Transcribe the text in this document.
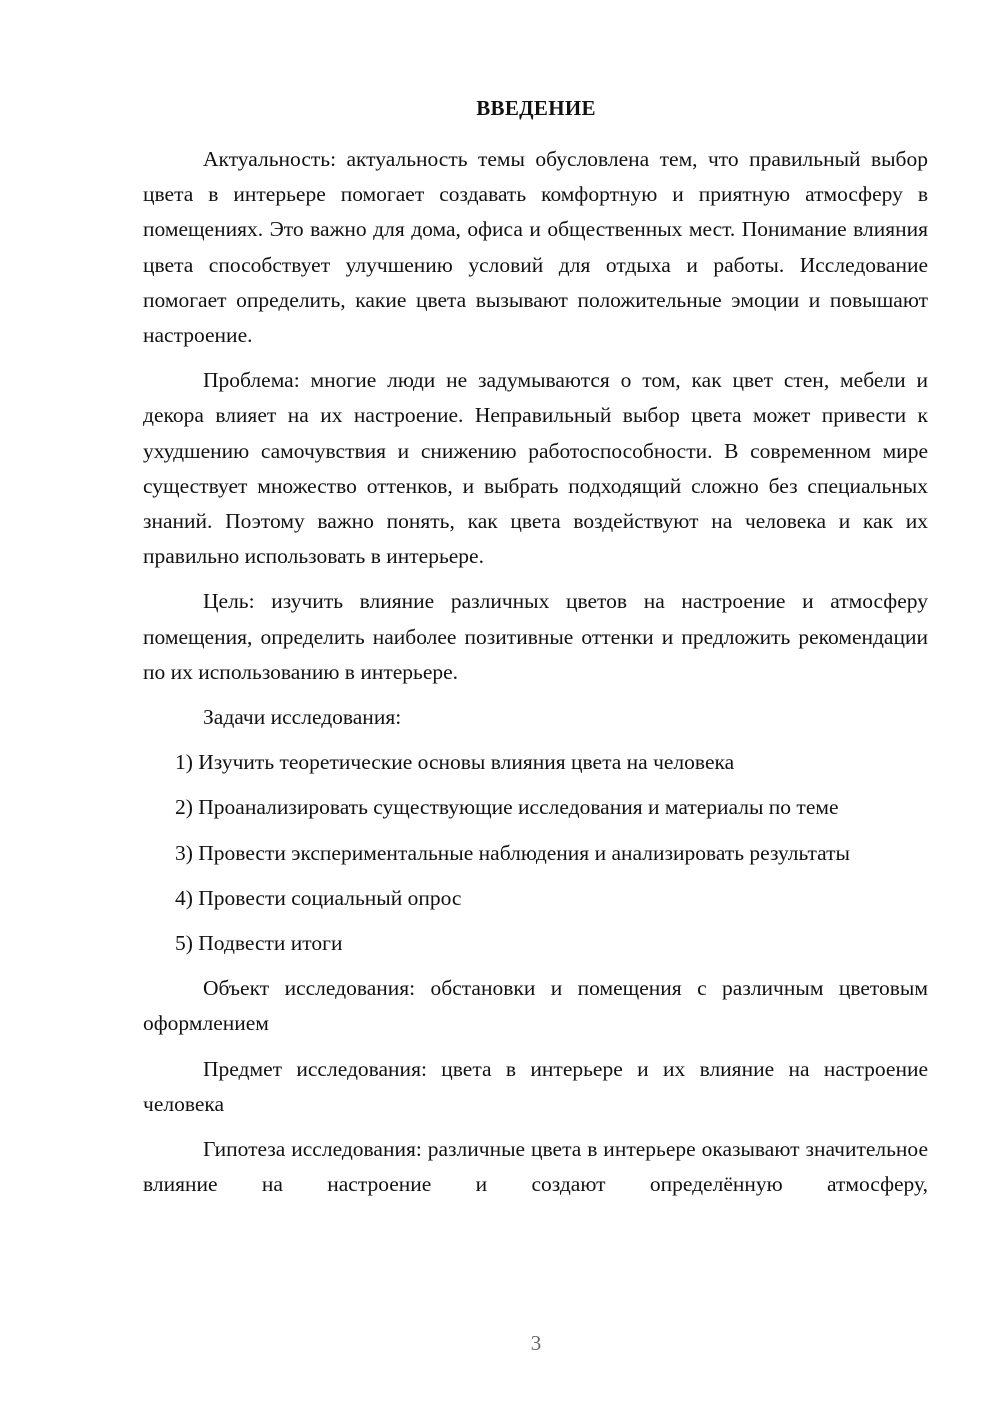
ВВЕДЕНИЕ

Актуальность: актуальность темы обусловлена тем, что правильный выбор цвета в интерьере помогает создавать комфортную и приятную атмосферу в помещениях. Это важно для дома, офиса и общественных мест. Понимание влияния цвета способствует улучшению условий для отдыха и работы. Исследование помогает определить, какие цвета вызывают положительные эмоции и повышают настроение.

Проблема: многие люди не задумываются о том, как цвет стен, мебели и декора влияет на их настроение. Неправильный выбор цвета может привести к ухудшению самочувствия и снижению работоспособности. В современном мире существует множество оттенков, и выбрать подходящий сложно без специальных знаний. Поэтому важно понять, как цвета воздействуют на человека и как их правильно использовать в интерьере.

Цель: изучить влияние различных цветов на настроение и атмосферу помещения, определить наиболее позитивные оттенки и предложить рекомендации по их использованию в интерьере.

Задачи исследования:

1) Изучить теоретические основы влияния цвета на человека

2) Проанализировать существующие исследования и материалы по теме

3) Провести экспериментальные наблюдения и анализировать результаты

4) Провести социальный опрос

5) Подвести итоги

Объект исследования: обстановки и помещения с различным цветовым оформлением

Предмет исследования: цвета в интерьере и их влияние на настроение человека

Гипотеза исследования: различные цвета в интерьере оказывают значительное влияние на настроение и создают определённую атмосферу,

3
